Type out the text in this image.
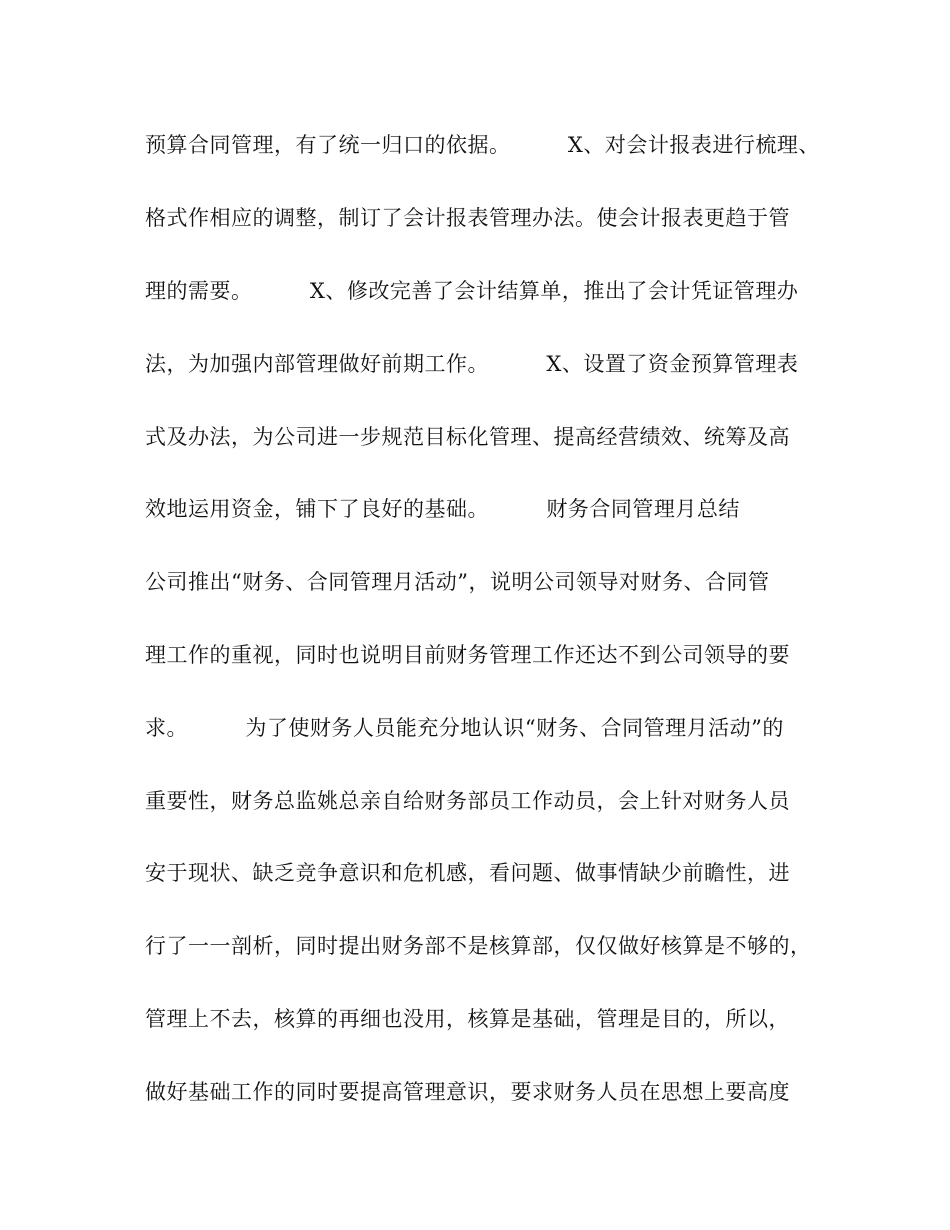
预算合同管理，有了统一归口的依据。        X、对会计报表进行梳理、
格式作相应的调整，制订了会计报表管理办法。使会计报表更趋于管
理的需要。        X、修改完善了会计结算单，推出了会计凭证管理办
法，为加强内部管理做好前期工作。        X、设置了资金预算管理表
式及办法，为公司进一步规范目标化管理、提高经营绩效、统筹及高
效地运用资金，铺下了良好的基础。        财务合同管理月总结
公司推出“财务、合同管理月活动”，说明公司领导对财务、合同管
理工作的重视，同时也说明目前财务管理工作还达不到公司领导的要
求。        为了使财务人员能充分地认识“财务、合同管理月活动”的
重要性，财务总监姚总亲自给财务部员工作动员，会上针对财务人员
安于现状、缺乏竞争意识和危机感，看问题、做事情缺少前瞻性，进
行了一一剖析，同时提出财务部不是核算部，仅仅做好核算是不够的，
管理上不去，核算的再细也没用，核算是基础，管理是目的，所以，
做好基础工作的同时要提高管理意识，要求财务人员在思想上要高度
